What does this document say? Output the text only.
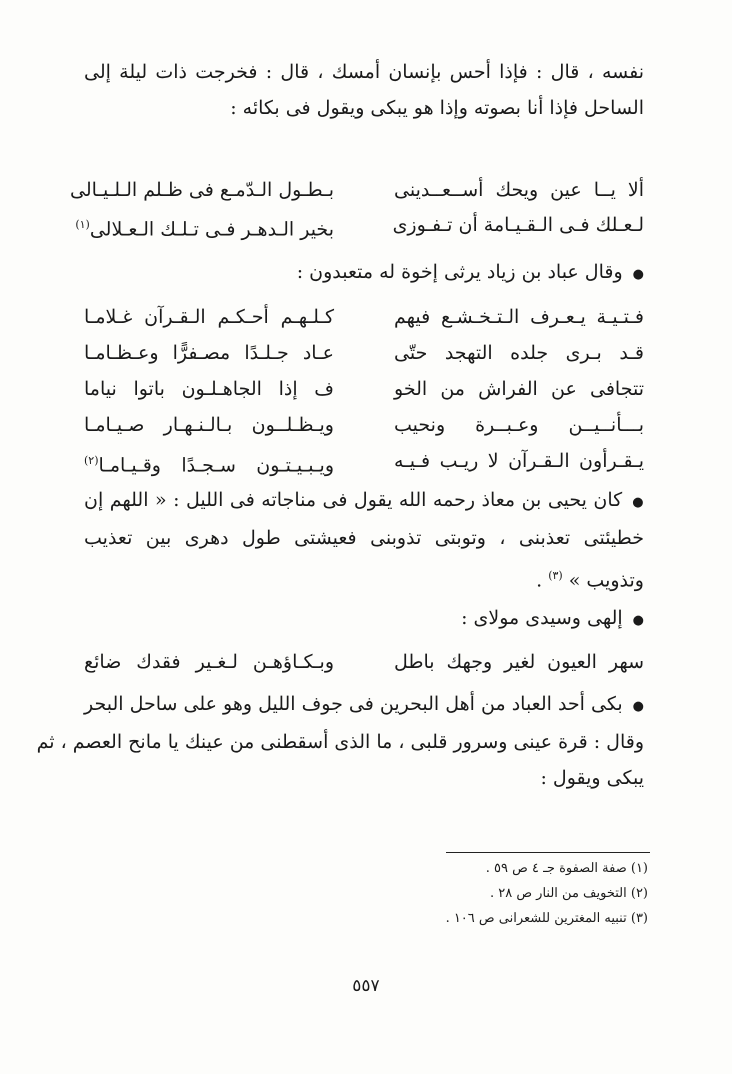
نفسه ، قال : فإذا أحس بإنسان أمسك ، قال : فخرجت ذات ليلة إلى
الساحل فإذا أنا بصوته وإذا هو يبكى ويقول فى بكائه :
ألا يــا عين ويحك أســعــدينى
بـطـول الـدّمـع فى ظـلم الـلـيـالى
لـعـلك فـى الـقـيـامة أن تـفـوزى
بخير الـدهـر فـى تـلـك الـعـلالى$^{(١)}$
● وقال عباد بن زياد يرثى إخوة له متعبدون :
فـتـيـة يـعـرف الـتـخـشـع فيهم
كـلـهـم أحـكـم الـقـرآن غـلامـا
قـد بـرى جلده التهجد حتّى
عـاد جـلـدًا مصـفرًّا وعـظـامـا
تتجافى عن الفراش من الخو
ف إذا الجاهـلـون باتوا نياما
بـــأنــيــن وعـبــرة ونحيب
ويـظـلــون بـالـنـهـار صـيـامـا
يـقـرأون الـقـرآن لا ريـب فـيـه
ويـبـيـتـون سـجـدًا وقـيـامـا$^{(٢)}$
● كان يحيى بن معاذ رحمه الله يقول فى مناجاته فى الليل : « اللهم إن
خطيئتى تعذبنى ، وتوبتى تذوبنى فعيشتى طول دهرى بين تعذيب
وتذويب » $^{(٣)}$ .
● إلهى وسيدى مولاى :
سهر العيون لغير وجهك باطل
وبـكـاؤهـن لـغـير فقدك ضائع
● بكى أحد العباد من أهل البحرين فى جوف الليل وهو على ساحل البحر
وقال : قرة عينى وسرور قلبى ، ما الذى أسقطنى من عينك يا مانح العصم ، ثم
يبكى ويقول :
(١) صفة الصفوة جـ ٤ ص ٥٩ .
(٢) التخويف من النار ص ٢٨ .
(٣) تنبيه المغترين للشعرانى ص ١٠٦ .
٥٥٧
